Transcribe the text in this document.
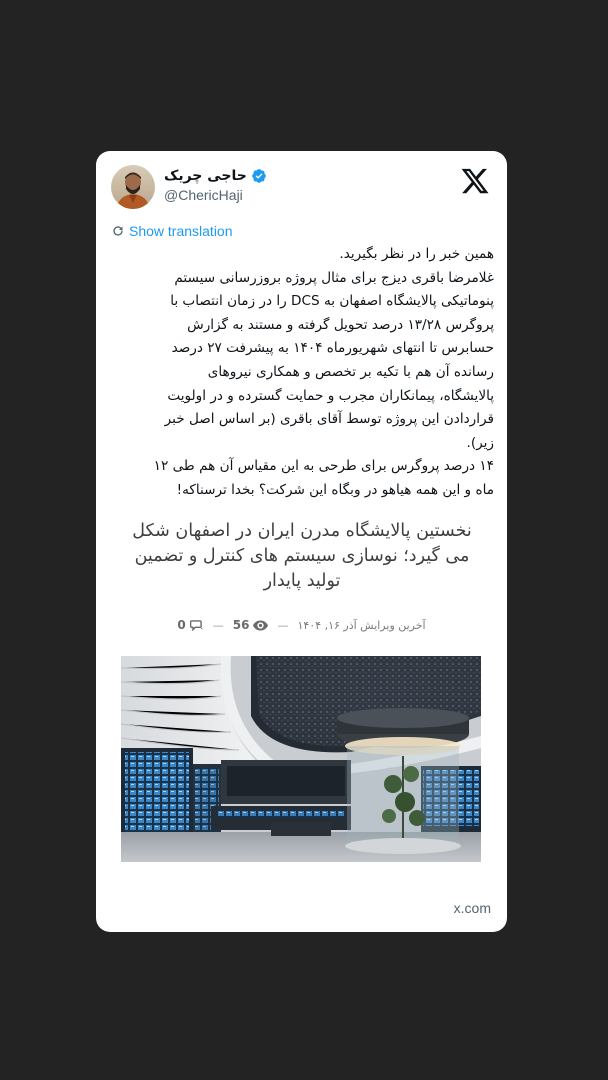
حاجی چریک
@ChericHaji
Show translation

همین خبر را در نظر بگیرید.

غلامرضا باقری دیزج برای مثال پروژه بروزرسانی سیستم

پنوماتیکی پالایشگاه اصفهان به DCS را در زمان انتصاب با

پروگرس ۱۳/۲۸ درصد تحویل گرفته و مستند به گزارش

حسابرس تا انتهای شهریورماه ۱۴۰۴ به پیشرفت ۲۷ درصد

رسانده آن هم با تکیه بر تخصص و همکاری نیروهای

پالایشگاه، پیمانکاران مجرب و حمایت گسترده و در اولویت

قراردادن این پروژه توسط آقای باقری (بر اساس اصل خبر

زیر).

۱۴ درصد پروگرس برای طرحی به این مقیاس آن هم طی ۱۲

ماه و این همه هیاهو در وبگاه این شرکت؟ بخدا ترسناکه!

نخستین پالایشگاه مدرن ایران در اصفهان شکل
می گیرد؛ نوسازی سیستم های کنترل و تضمین
تولید پایدار
0 — 56	— آخرین ویرایش آذر ۱۶, ۱۴۰۴
x.com
